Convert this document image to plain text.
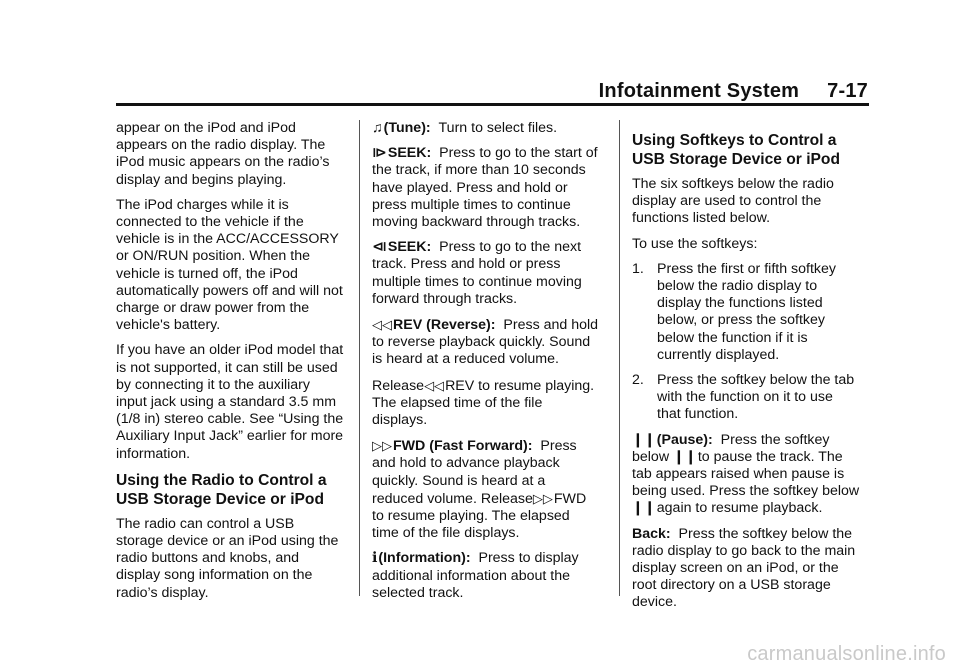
Infotainment System 7-17

appear on the iPod and iPod appears on the radio display. The iPod music appears on the radio’s display and begins playing.

The iPod charges while it is connected to the vehicle if the vehicle is in the ACC/ACCESSORY or ON/RUN position. When the vehicle is turned off, the iPod automatically powers off and will not charge or draw power from the vehicle's battery.

If you have an older iPod model that is not supported, it can still be used by connecting it to the auxiliary input jack using a standard 3.5 mm (1/8 in) stereo cable. See “Using the Auxiliary Input Jack” earlier for more information.

Using the Radio to Control a USB Storage Device or iPod

The radio can control a USB storage device or an iPod using the radio buttons and knobs, and display song information on the radio’s display.

♫(Tune): Turn to select files.

⧐SEEK: Press to go to the start of the track, if more than 10 seconds have played. Press and hold or press multiple times to continue moving backward through tracks.

⧏SEEK: Press to go to the next track. Press and hold or press multiple times to continue moving forward through tracks.

◁◁REV (Reverse): Press and hold to reverse playback quickly. Sound is heard at a reduced volume.

Release◁◁REV to resume playing. The elapsed time of the file displays.

▷▷FWD (Fast Forward): Press and hold to advance playback quickly. Sound is heard at a reduced volume. Release▷▷FWD to resume playing. The elapsed time of the file displays.

ℹ(Information): Press to display additional information about the selected track.

Using Softkeys to Control a USB Storage Device or iPod

The six softkeys below the radio display are used to control the functions listed below.

To use the softkeys:

1. Press the first or fifth softkey below the radio display to display the functions listed below, or press the softkey below the function if it is currently displayed.
2. Press the softkey below the tab with the function on it to use that function.

❙❙(Pause): Press the softkey below ❙❙to pause the track. The tab appears raised when pause is being used. Press the softkey below ❙❙again to resume playback.

Back: Press the softkey below the radio display to go back to the main display screen on an iPod, or the root directory on a USB storage device.

carmanualsonline.info
